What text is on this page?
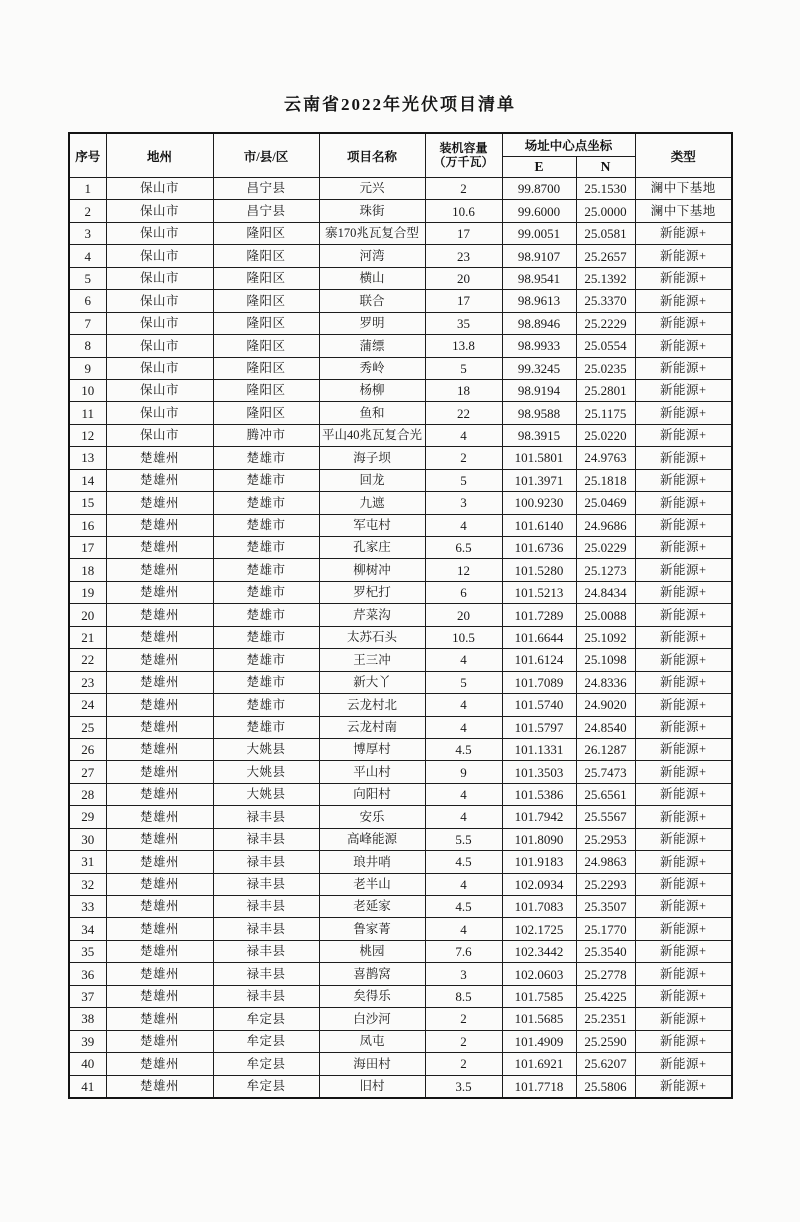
云南省2022年光伏项目清单
序号	地州	市/县/区	项目名称	装机容量
（万千瓦）	场址中心点坐标		类型
					E	N	
1	保山市	昌宁县	元兴	2	99.8700	25.1530	澜中下基地
2	保山市	昌宁县	珠街	10.6	99.6000	25.0000	澜中下基地
3	保山市	隆阳区	寨170兆瓦复合型	17	99.0051	25.0581	新能源+
4	保山市	隆阳区	河湾	23	98.9107	25.2657	新能源+
5	保山市	隆阳区	横山	20	98.9541	25.1392	新能源+
6	保山市	隆阳区	联合	17	98.9613	25.3370	新能源+
7	保山市	隆阳区	罗明	35	98.8946	25.2229	新能源+
8	保山市	隆阳区	蒲缥	13.8	98.9933	25.0554	新能源+
9	保山市	隆阳区	秀岭	5	99.3245	25.0235	新能源+
10	保山市	隆阳区	杨柳	18	98.9194	25.2801	新能源+
11	保山市	隆阳区	鱼和	22	98.9588	25.1175	新能源+
12	保山市	腾冲市	平山40兆瓦复合光	4	98.3915	25.0220	新能源+
13	楚雄州	楚雄市	海子坝	2	101.5801	24.9763	新能源+
14	楚雄州	楚雄市	回龙	5	101.3971	25.1818	新能源+
15	楚雄州	楚雄市	九遮	3	100.9230	25.0469	新能源+
16	楚雄州	楚雄市	军屯村	4	101.6140	24.9686	新能源+
17	楚雄州	楚雄市	孔家庄	6.5	101.6736	25.0229	新能源+
18	楚雄州	楚雄市	柳树冲	12	101.5280	25.1273	新能源+
19	楚雄州	楚雄市	罗杞打	6	101.5213	24.8434	新能源+
20	楚雄州	楚雄市	芹菜沟	20	101.7289	25.0088	新能源+
21	楚雄州	楚雄市	太苏石头	10.5	101.6644	25.1092	新能源+
22	楚雄州	楚雄市	王三冲	4	101.6124	25.1098	新能源+
23	楚雄州	楚雄市	新大丫	5	101.7089	24.8336	新能源+
24	楚雄州	楚雄市	云龙村北	4	101.5740	24.9020	新能源+
25	楚雄州	楚雄市	云龙村南	4	101.5797	24.8540	新能源+
26	楚雄州	大姚县	博厚村	4.5	101.1331	26.1287	新能源+
27	楚雄州	大姚县	平山村	9	101.3503	25.7473	新能源+
28	楚雄州	大姚县	向阳村	4	101.5386	25.6561	新能源+
29	楚雄州	禄丰县	安乐	4	101.7942	25.5567	新能源+
30	楚雄州	禄丰县	高峰能源	5.5	101.8090	25.2953	新能源+
31	楚雄州	禄丰县	琅井哨	4.5	101.9183	24.9863	新能源+
32	楚雄州	禄丰县	老半山	4	102.0934	25.2293	新能源+
33	楚雄州	禄丰县	老延家	4.5	101.7083	25.3507	新能源+
34	楚雄州	禄丰县	鲁家菁	4	102.1725	25.1770	新能源+
35	楚雄州	禄丰县	桃园	7.6	102.3442	25.3540	新能源+
36	楚雄州	禄丰县	喜鹊窝	3	102.0603	25.2778	新能源+
37	楚雄州	禄丰县	矣得乐	8.5	101.7585	25.4225	新能源+
38	楚雄州	牟定县	白沙河	2	101.5685	25.2351	新能源+
39	楚雄州	牟定县	凤屯	2	101.4909	25.2590	新能源+
40	楚雄州	牟定县	海田村	2	101.6921	25.6207	新能源+
41	楚雄州	牟定县	旧村	3.5	101.7718	25.5806	新能源+
